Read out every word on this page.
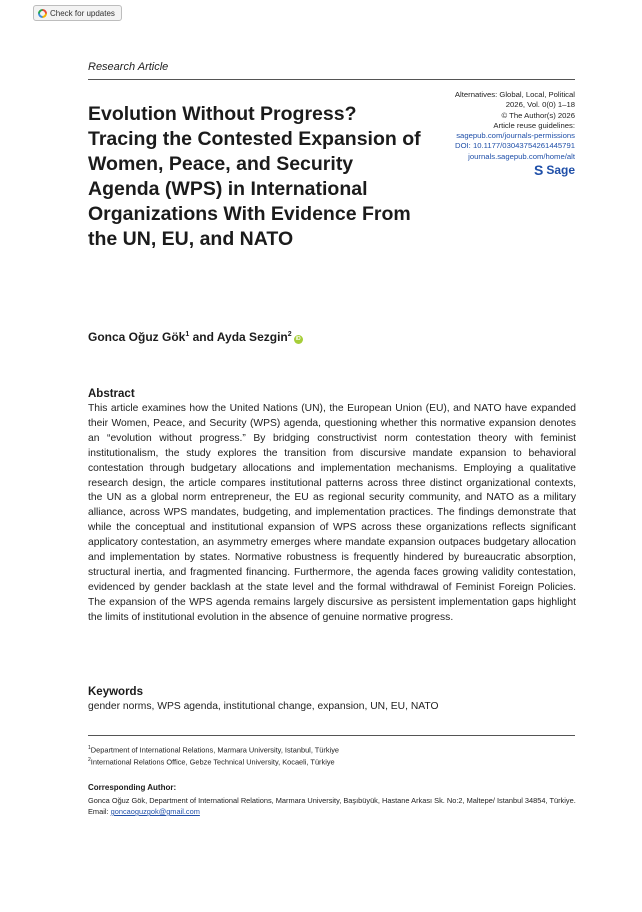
Check for updates
Research Article
Evolution Without Progress? Tracing the Contested Expansion of Women, Peace, and Security Agenda (WPS) in International Organizations With Evidence From the UN, EU, and NATO
Alternatives: Global, Local, Political
2026, Vol. 0(0) 1–18
© The Author(s) 2026
Article reuse guidelines:
sagepub.com/journals-permissions
DOI: 10.1177/03043754261445791
journals.sagepub.com/home/alt
S Sage
Gonca Oğuz Gök$^1$ and Ayda Sezgin$^2$iD
Abstract

This article examines how the United Nations (UN), the European Union (EU), and NATO have expanded their Women, Peace, and Security (WPS) agenda, questioning whether this normative expansion denotes an “evolution without progress.” By bridging constructivist norm contestation theory with feminist institutionalism, the study explores the transition from discursive mandate expansion to behavioral contestation through budgetary allocations and implementation mechanisms. Employing a qualitative research design, the article compares institutional patterns across three distinct organizational contexts, the UN as a global norm entrepreneur, the EU as regional security community, and NATO as a military alliance, across WPS mandates, budgeting, and implementation practices. The findings demonstrate that while the conceptual and institutional expansion of WPS across these organizations reflects significant applicatory contestation, an asymmetry emerges where mandate expansion outpaces budgetary allocation and implementation by states. Normative robustness is frequently hindered by bureaucratic absorption, structural inertia, and fragmented financing. Furthermore, the agenda faces growing validity contestation, evidenced by gender backlash at the state level and the formal withdrawal of Feminist Foreign Policies. The expansion of the WPS agenda remains largely discursive as persistent implementation gaps highlight the limits of institutional evolution in the absence of genuine normative progress.

Keywords
gender norms, WPS agenda, institutional change, expansion, UN, EU, NATO
$^1$Department of International Relations, Marmara University, Istanbul, Türkiye
$^2$International Relations Office, Gebze Technical University, Kocaeli, Türkiye
Corresponding Author:
Gonca Oğuz Gök, Department of International Relations, Marmara University, Başıbüyük, Hastane Arkası Sk. No:2, Maltepe/ Istanbul 34854, Türkiye.
Email: goncaoguzgok@gmail.com
